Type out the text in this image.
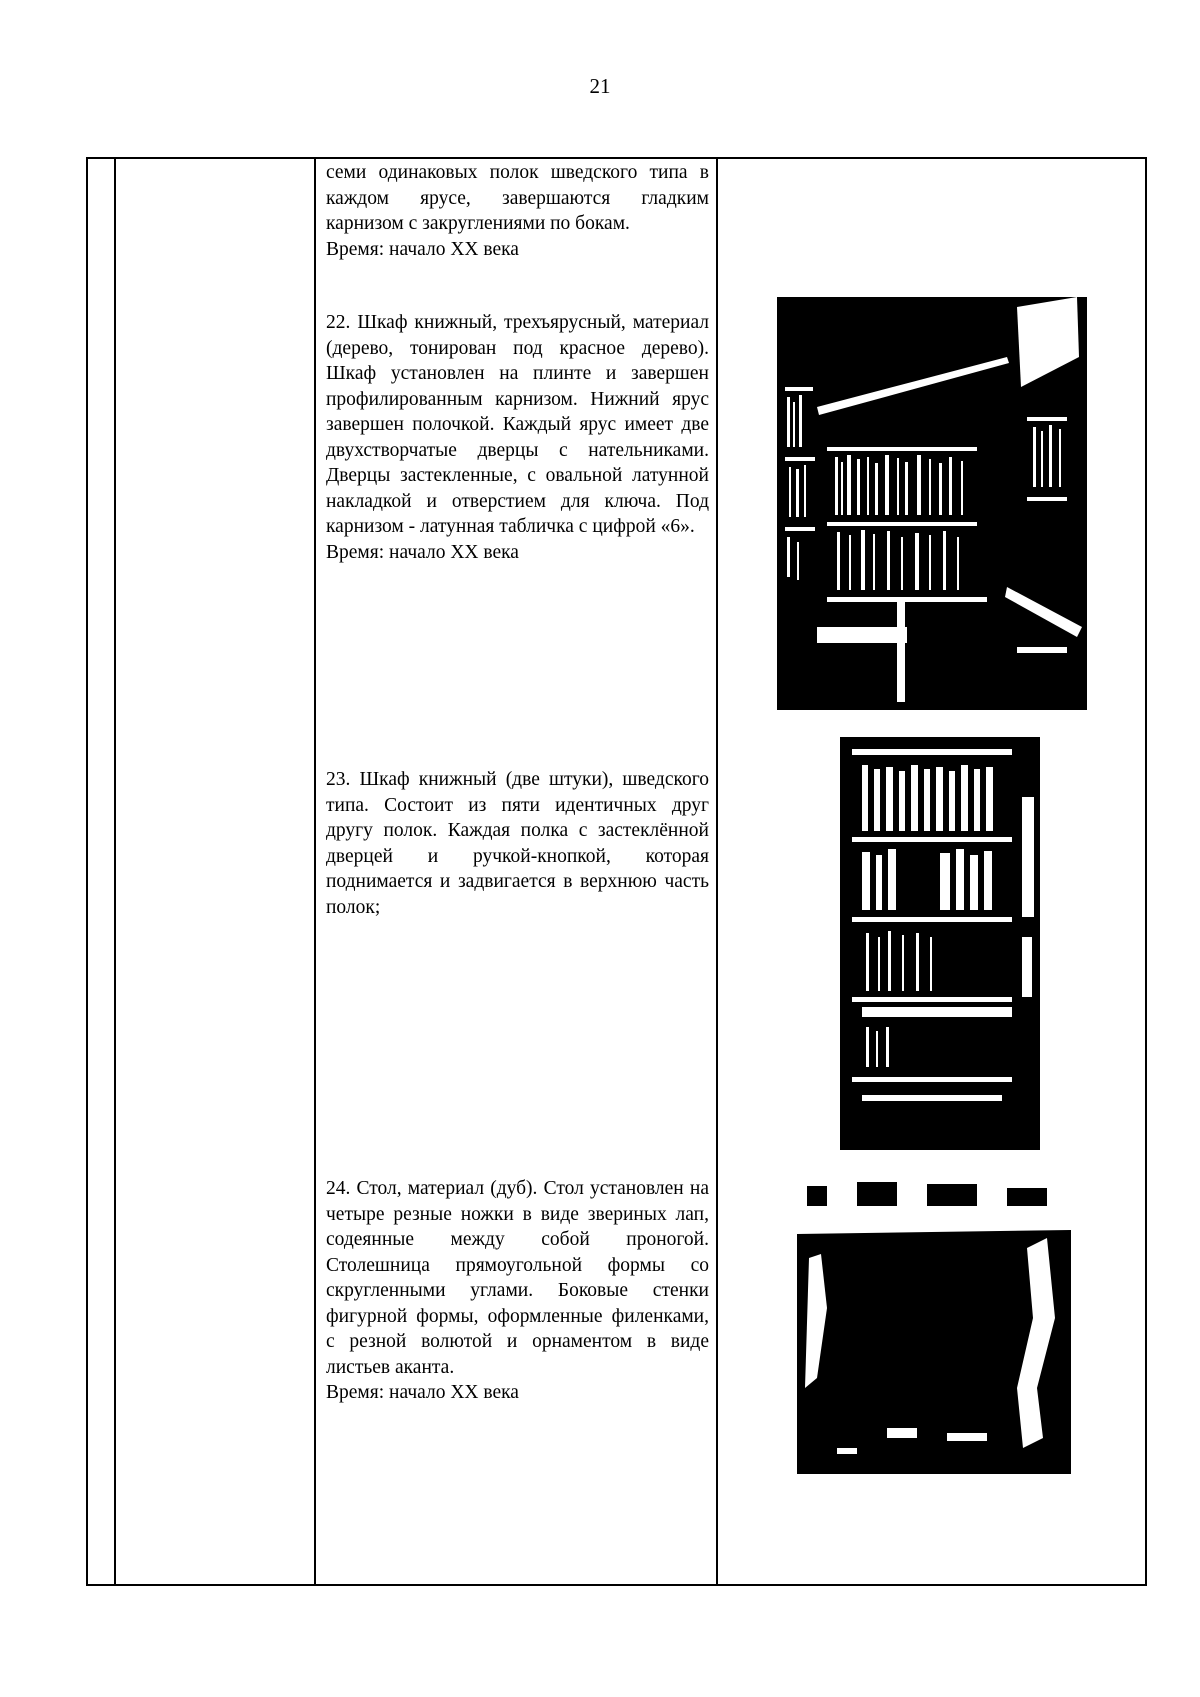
21

семи одинаковых полок шведского типа в каждом ярусе, завершаются гладким карнизом с закруглениями по бокам.

Время: начало XX века

22. Шкаф книжный, трехъярусный, материал (дерево, тонирован под красное дерево). Шкаф установлен на плинте и завершен профилированным карнизом. Нижний ярус завершен полочкой. Каждый ярус имеет две двухстворчатые дверцы с нательниками. Дверцы застекленные, с овальной латунной накладкой и отверстием для ключа. Под карнизом - латунная табличка с цифрой «6».

Время: начало XX века

23. Шкаф книжный (две штуки), шведского типа. Состоит из пяти идентичных друг другу полок. Каждая полка с застеклённой дверцей и ручкой-кнопкой, которая поднимается и задвигается в верхнюю часть полок;

24. Стол, материал (дуб). Стол установлен на четыре резные ножки в виде звериных лап, содеянные между собой проногой. Столешница прямоугольной формы со скругленными углами. Боковые стенки фигурной формы, оформленные филенками, с резной волютой и орнаментом в виде листьев аканта.

Время: начало XX века
